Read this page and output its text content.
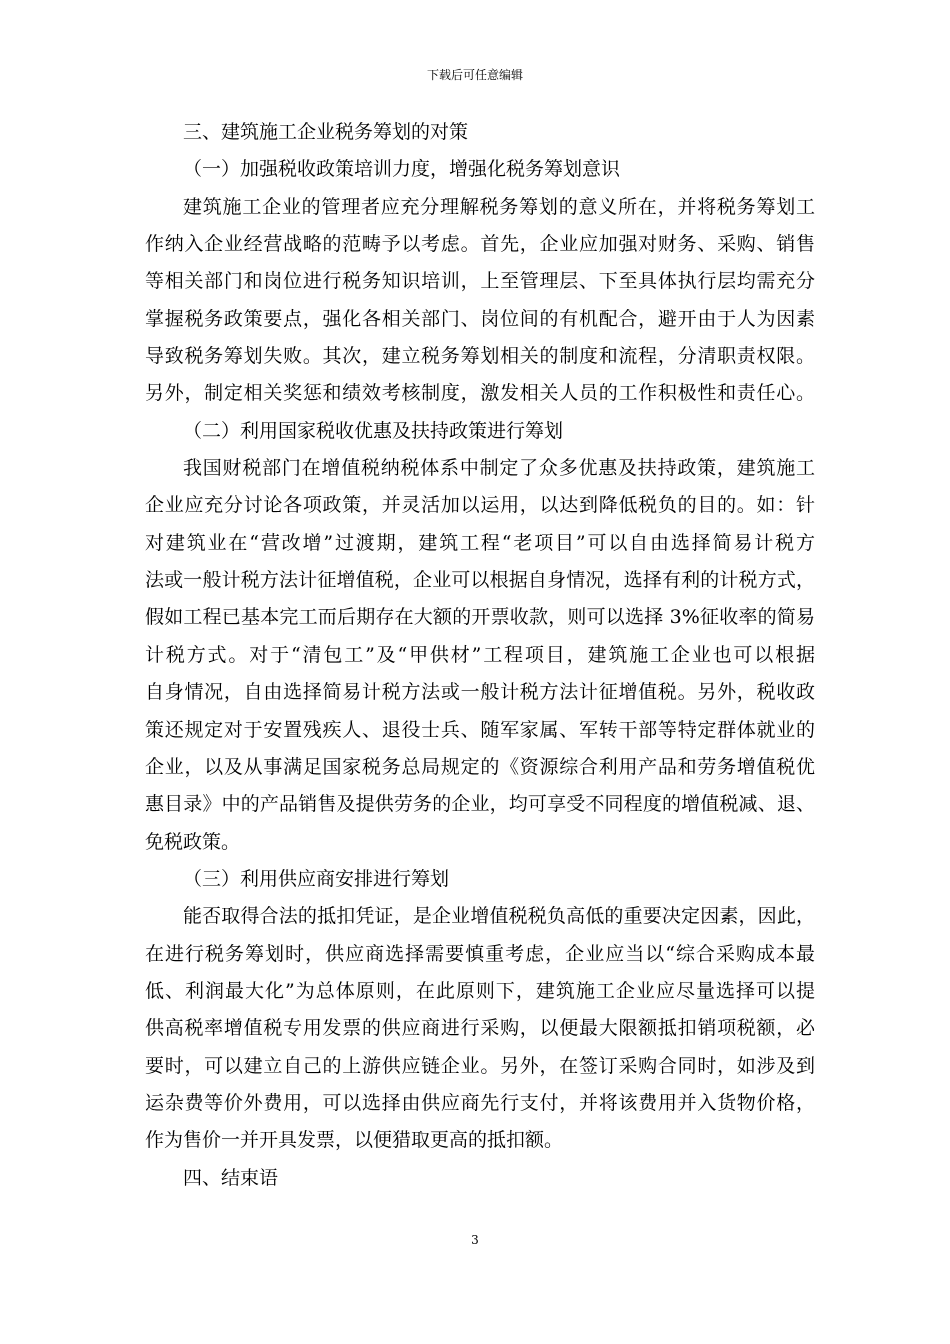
下载后可任意编辑
三、建筑施工企业税务筹划的对策
（一）加强税收政策培训力度，增强化税务筹划意识
建筑施工企业的管理者应充分理解税务筹划的意义所在，并将税务筹划工
作纳入企业经营战略的范畴予以考虑。首先，企业应加强对财务、采购、销售
等相关部门和岗位进行税务知识培训，上至管理层、下至具体执行层均需充分
掌握税务政策要点，强化各相关部门、岗位间的有机配合，避开由于人为因素
导致税务筹划失败。其次，建立税务筹划相关的制度和流程，分清职责权限。
另外，制定相关奖惩和绩效考核制度，激发相关人员的工作积极性和责任心。
（二）利用国家税收优惠及扶持政策进行筹划
我国财税部门在增值税纳税体系中制定了众多优惠及扶持政策，建筑施工
企业应充分讨论各项政策，并灵活加以运用，以达到降低税负的目的。如：针
对建筑业在“营改增”过渡期，建筑工程“老项目”可以自由选择简易计税方
法或一般计税方法计征增值税，企业可以根据自身情况，选择有利的计税方式，
假如工程已基本完工而后期存在大额的开票收款，则可以选择 3%征收率的简易
计税方式。对于“清包工”及“甲供材”工程项目，建筑施工企业也可以根据
自身情况，自由选择简易计税方法或一般计税方法计征增值税。另外，税收政
策还规定对于安置残疾人、退役士兵、随军家属、军转干部等特定群体就业的
企业，以及从事满足国家税务总局规定的《资源综合利用产品和劳务增值税优
惠目录》中的产品销售及提供劳务的企业，均可享受不同程度的增值税减、退、
免税政策。
（三）利用供应商安排进行筹划
能否取得合法的抵扣凭证，是企业增值税税负高低的重要决定因素，因此，
在进行税务筹划时，供应商选择需要慎重考虑，企业应当以“综合采购成本最
低、利润最大化”为总体原则，在此原则下，建筑施工企业应尽量选择可以提
供高税率增值税专用发票的供应商进行采购，以便最大限额抵扣销项税额，必
要时，可以建立自己的上游供应链企业。另外，在签订采购合同时，如涉及到
运杂费等价外费用，可以选择由供应商先行支付，并将该费用并入货物价格，
作为售价一并开具发票，以便猎取更高的抵扣额。
四、结束语
3
